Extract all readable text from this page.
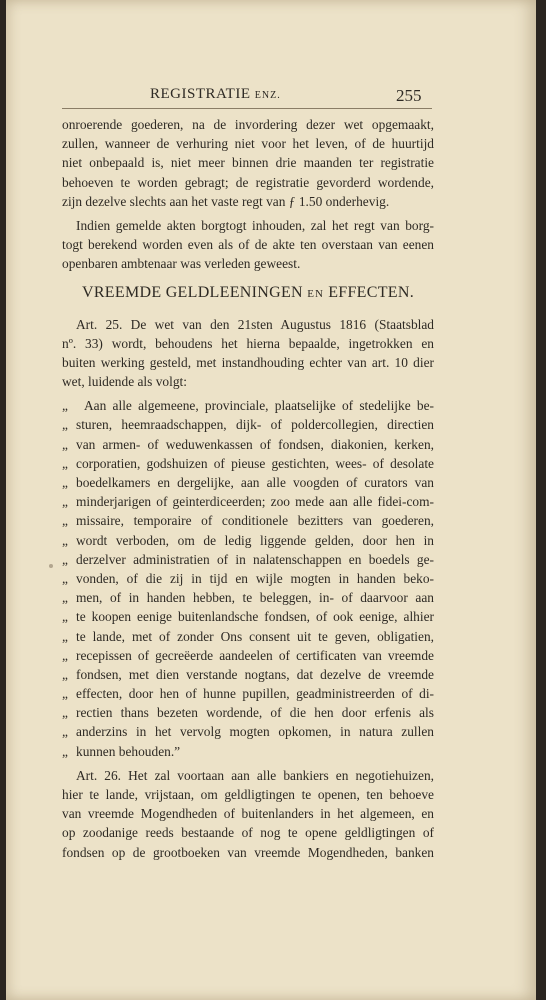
REGISTRATIE ENZ.	255
onroerende goederen, na de invordering dezer wet opgemaakt,
zullen, wanneer de verhuring niet voor het leven, of de huurtijd
niet onbepaald is, niet meer binnen drie maanden ter registratie
behoeven te worden gebragt; de registratie gevorderd wordende,
zijn dezelve slechts aan het vaste regt van ƒ 1.50 onderhevig.
Indien gemelde akten borgtogt inhouden, zal het regt van borg-
togt berekend worden even als of de akte ten overstaan van eenen
openbaren ambtenaar was verleden geweest.
VREEMDE GELDLEENINGEN EN EFFECTEN.
Art. 25. De wet van den 21sten Augustus 1816 (Staatsblad
nº. 33) wordt, behoudens het hierna bepaalde, ingetrokken en
buiten werking gesteld, met instandhouding echter van art. 10 dier
wet, luidende als volgt:
„	Aan alle algemeene, provinciale, plaatselijke of stedelijke be-
„ sturen, heemraadschappen, dijk- of poldercollegien, directien
„ van armen- of weduwenkassen of fondsen, diakonien, kerken,
„ corporatien, godshuizen of pieuse gestichten, wees- of desolate
„ boedelkamers en dergelijke, aan alle voogden of curators van
„ minderjarigen of geinterdiceerden; zoo mede aan alle fidei-com-
„ missaire, temporaire of conditionele bezitters van goederen,
„ wordt verboden, om de ledig liggende gelden, door hen in
„ derzelver administratien of in nalatenschappen en boedels ge-
„ vonden, of die zij in tijd en wijle mogten in handen beko-
„ men, of in handen hebben, te beleggen, in- of daarvoor aan
„ te koopen eenige buitenlandsche fondsen, of ook eenige, alhier
„ te lande, met of zonder Ons consent uit te geven, obligatien,
„ recepissen of gecreëerde aandeelen of certificaten van vreemde
„ fondsen, met dien verstande nogtans, dat dezelve de vreemde
„ effecten, door hen of hunne pupillen, geadministreerden of di-
„ rectien thans bezeten wordende, of die hen door erfenis als
„ anderzins in het vervolg mogten opkomen, in natura zullen
„ kunnen behouden.”
Art. 26. Het zal voortaan aan alle bankiers en negotiehuizen,
hier te lande, vrijstaan, om geldligtingen te openen, ten behoeve
van vreemde Mogendheden of buitenlanders in het algemeen, en
op zoodanige reeds bestaande of nog te opene geldligtingen of
fondsen op de grootboeken van vreemde Mogendheden, banken
